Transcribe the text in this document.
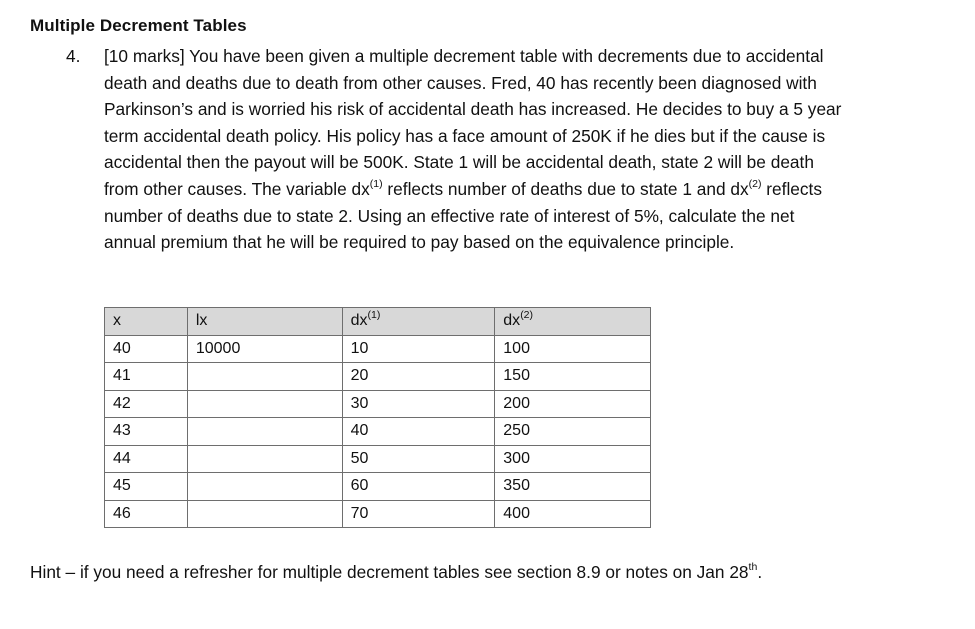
Multiple Decrement Tables
4.	[10 marks] You have been given a multiple decrement table with decrements due to accidental
death and deaths due to death from other causes. Fred, 40 has recently been diagnosed with
Parkinson’s and is worried his risk of accidental death has increased. He decides to buy a 5 year
term accidental death policy. His policy has a face amount of 250K if he dies but if the cause is
accidental then the payout will be 500K. State 1 will be accidental death, state 2 will be death
from other causes. The variable $dx^{(1)}$ reflects number of deaths due to state 1 and $dx^{(2)}$ reflects
number of deaths due to state 2. Using an effective rate of interest of 5%, calculate the net
annual premium that he will be required to pay based on the equivalence principle.
x	lx	$dx^{(1)}$	$dx^{(2)}$
40	10000	10	100
41		20	150
42		30	200
43		40	250
44		50	300
45		60	350
46		70	400
Hint – if you need a refresher for multiple decrement tables see section 8.9 or notes on Jan 28th.
